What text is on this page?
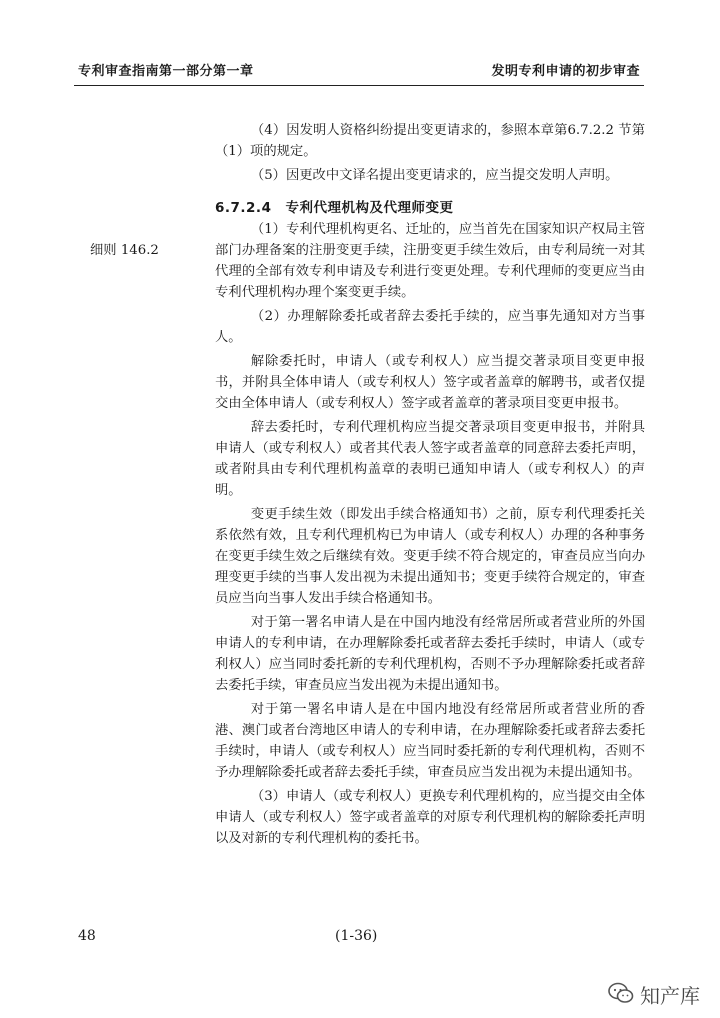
专利审查指南第一部分第一章	发明专利申请的初步审查
细则 146.2

（4）因发明人资格纠纷提出变更请求的，参照本章第6.7.2.2 节第（1）项的规定。

（5）因更改中文译名提出变更请求的，应当提交发明人声明。

6.7.2.4　专利代理机构及代理师变更

（1）专利代理机构更名、迁址的，应当首先在国家知识产权局主管部门办理备案的注册变更手续，注册变更手续生效后，由专利局统一对其代理的全部有效专利申请及专利进行变更处理。专利代理师的变更应当由专利代理机构办理个案变更手续。

（2）办理解除委托或者辞去委托手续的，应当事先通知对方当事人。

解除委托时，申请人（或专利权人）应当提交著录项目变更申报书，并附具全体申请人（或专利权人）签字或者盖章的解聘书，或者仅提交由全体申请人（或专利权人）签字或者盖章的著录项目变更申报书。

辞去委托时，专利代理机构应当提交著录项目变更申报书，并附具申请人（或专利权人）或者其代表人签字或者盖章的同意辞去委托声明，或者附具由专利代理机构盖章的表明已通知申请人（或专利权人）的声明。

变更手续生效（即发出手续合格通知书）之前，原专利代理委托关系依然有效，且专利代理机构已为申请人（或专利权人）办理的各种事务在变更手续生效之后继续有效。变更手续不符合规定的，审查员应当向办理变更手续的当事人发出视为未提出通知书；变更手续符合规定的，审查员应当向当事人发出手续合格通知书。

对于第一署名申请人是在中国内地没有经常居所或者营业所的外国申请人的专利申请，在办理解除委托或者辞去委托手续时，申请人（或专利权人）应当同时委托新的专利代理机构，否则不予办理解除委托或者辞去委托手续，审查员应当发出视为未提出通知书。

对于第一署名申请人是在中国内地没有经常居所或者营业所的香港、澳门或者台湾地区申请人的专利申请，在办理解除委托或者辞去委托手续时，申请人（或专利权人）应当同时委托新的专利代理机构，否则不予办理解除委托或者辞去委托手续，审查员应当发出视为未提出通知书。

（3）申请人（或专利权人）更换专利代理机构的，应当提交由全体申请人（或专利权人）签字或者盖章的对原专利代理机构的解除委托声明以及对新的专利代理机构的委托书。

48	(1-36)
知产库
